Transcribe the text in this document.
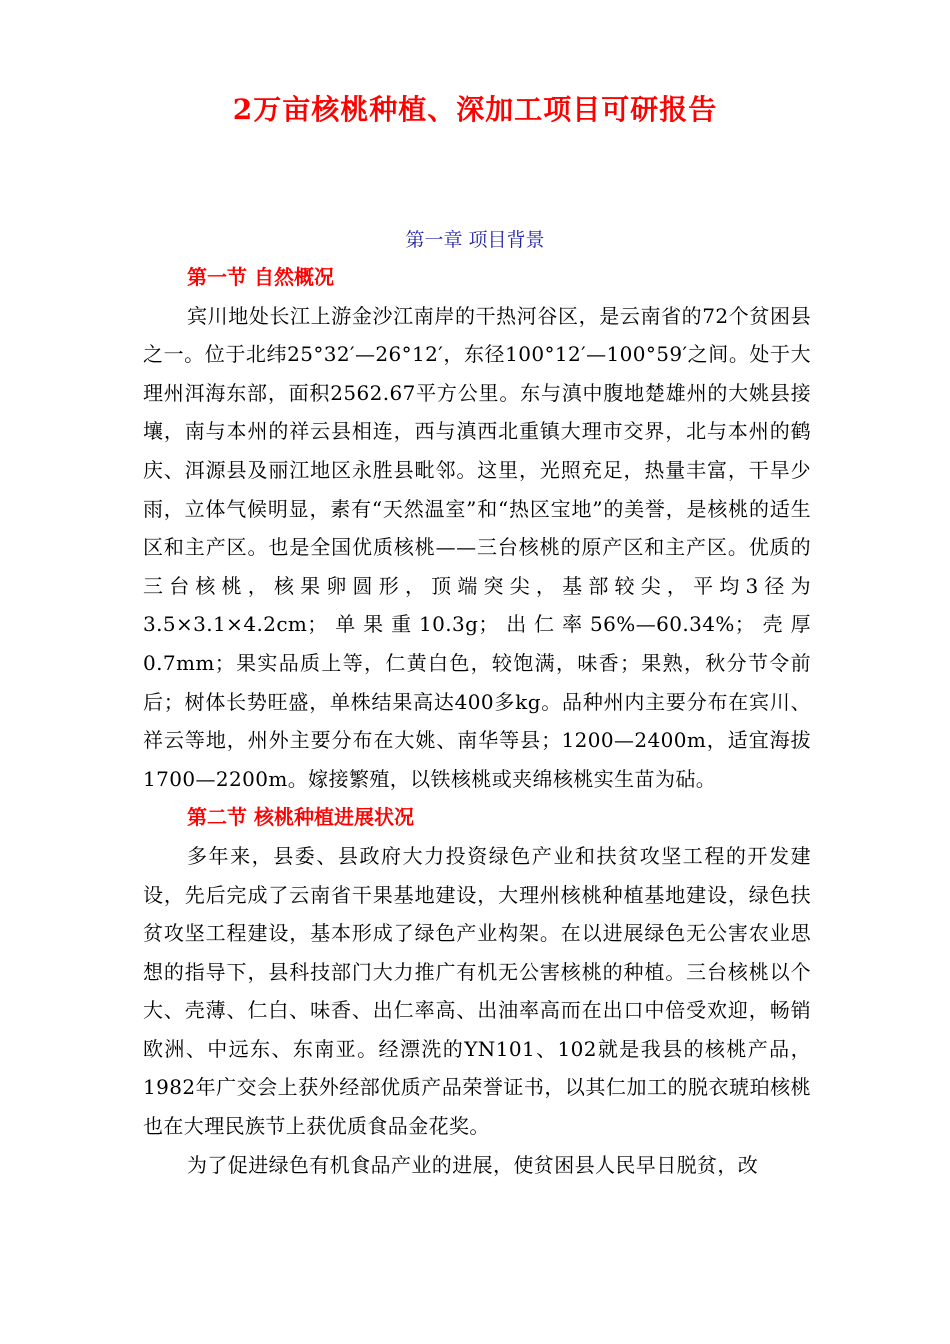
2万亩核桃种植、深加工项目可研报告
第一章 项目背景

第一节 自然概况

宾川地处长江上游金沙江南岸的干热河谷区，是云南省的72个贫困县之一。位于北纬25°32′—26°12′，东径100°12′—100°59′之间。处于大理州洱海东部，面积2562.67平方公里。东与滇中腹地楚雄州的大姚县接壤，南与本州的祥云县相连，西与滇西北重镇大理市交界，北与本州的鹤庆、洱源县及丽江地区永胜县毗邻。这里，光照充足，热量丰富，干旱少雨，立体气候明显，素有“天然温室”和“热区宝地”的美誉，是核桃的适生区和主产区。也是全国优质核桃——三台核桃的原产区和主产区。优质的三台核桃，核果卵圆形，顶端突尖，基部较尖，平均3径为3.5×3.1×4.2cm；单果重10.3g；出仁率56%—60.34%；壳厚0.7mm；果实品质上等，仁黄白色，较饱满，味香；果熟，秋分节令前后；树体长势旺盛，单株结果高达400多kg。品种州内主要分布在宾川、祥云等地，州外主要分布在大姚、南华等县；1200—2400m，适宜海拔1700—2200m。嫁接繁殖，以铁核桃或夹绵核桃实生苗为砧。

第二节 核桃种植进展状况

多年来，县委、县政府大力投资绿色产业和扶贫攻坚工程的开发建设，先后完成了云南省干果基地建设，大理州核桃种植基地建设，绿色扶贫攻坚工程建设，基本形成了绿色产业构架。在以进展绿色无公害农业思想的指导下，县科技部门大力推广有机无公害核桃的种植。三台核桃以个大、壳薄、仁白、味香、出仁率高、出油率高而在出口中倍受欢迎，畅销欧洲、中远东、东南亚。经漂洗的YN101、102就是我县的核桃产品，1982年广交会上获外经部优质产品荣誉证书，以其仁加工的脱衣琥珀核桃也在大理民族节上获优质食品金花奖。

为了促进绿色有机食品产业的进展，使贫困县人民早日脱贫，改
